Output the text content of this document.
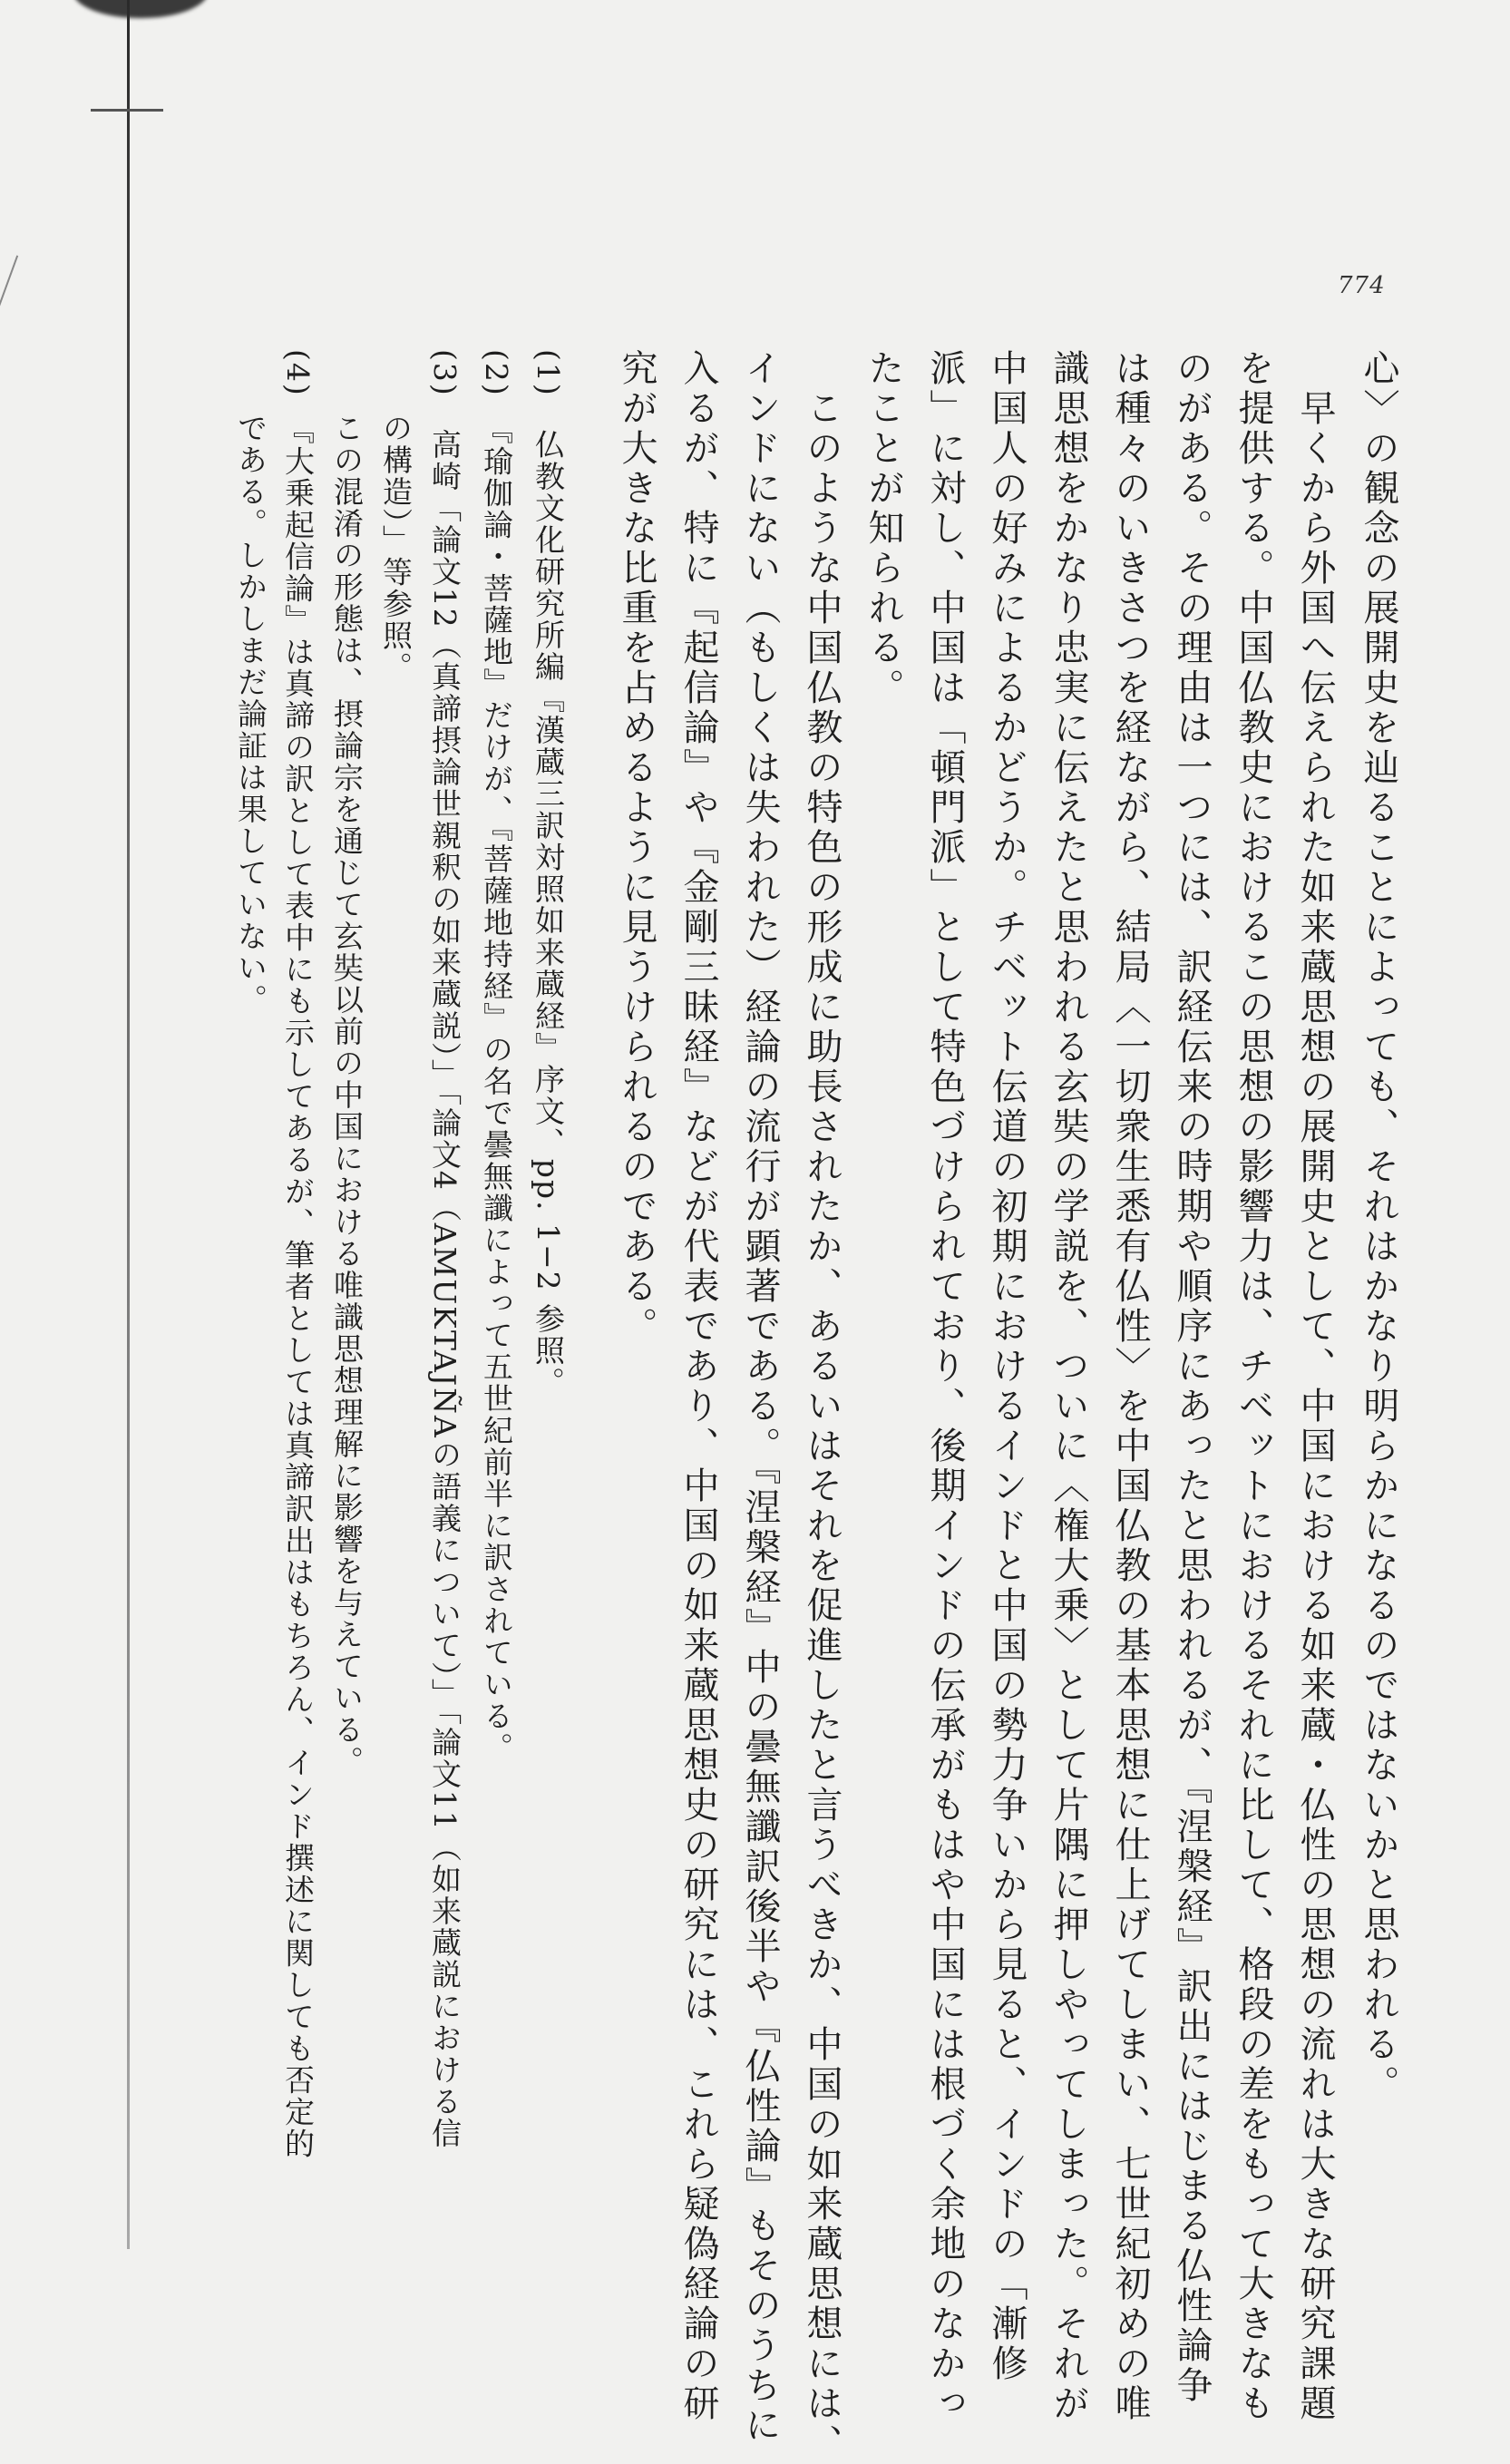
774
心〉の観念の展開史を辿ることによっても、それはかなり明らかになるのではないかと思われる。
　早くから外国へ伝えられた如来蔵思想の展開史として、中国における如来蔵・仏性の思想の流れは大きな研究課題
を提供する。中国仏教史におけるこの思想の影響力は、チベットにおけるそれに比して、格段の差をもって大きなも
のがある。その理由は一つには、訳経伝来の時期や順序にあったと思われるが、『涅槃経』訳出にはじまる仏性論争
は種々のいきさつを経ながら、結局〈一切衆生悉有仏性〉を中国仏教の基本思想に仕上げてしまい、七世紀初めの唯
識思想をかなり忠実に伝えたと思われる玄奘の学説を、ついに〈権大乗〉として片隅に押しやってしまった。それが
中国人の好みによるかどうか。チベット伝道の初期におけるインドと中国の勢力争いから見ると、インドの「漸修
派」に対し、中国は「頓門派」として特色づけられており、後期インドの伝承がもはや中国には根づく余地のなかっ
たことが知られる。
　このような中国仏教の特色の形成に助長されたか、あるいはそれを促進したと言うべきか、中国の如来蔵思想には、
インドにない（もしくは失われた）経論の流行が顕著である。『涅槃経』中の曇無讖訳後半や『仏性論』もそのうちに
入るが、特に『起信論』や『金剛三昧経』などが代表であり、中国の如来蔵思想史の研究には、これら疑偽経論の研
究が大きな比重を占めるように見うけられるのである。
(1)　仏教文化研究所編『漢蔵三訳対照如来蔵経』序文、pp. 1−2 参照。
(2)　『瑜伽論・菩薩地』だけが、『菩薩地持経』の名で曇無讖によって五世紀前半に訳されている。
(3)　高崎「論文12（真諦摂論世親釈の如来蔵説）」「論文4（AMUKTAJÑAの語義について）」「論文11（如来蔵説における信
　　の構造）」等参照。
　　この混淆の形態は、摂論宗を通じて玄奘以前の中国における唯識思想理解に影響を与えている。
(4)　『大乗起信論』は真諦の訳として表中にも示してあるが、筆者としては真諦訳出はもちろん、インド撰述に関しても否定的
　　である。しかしまだ論証は果していない。
